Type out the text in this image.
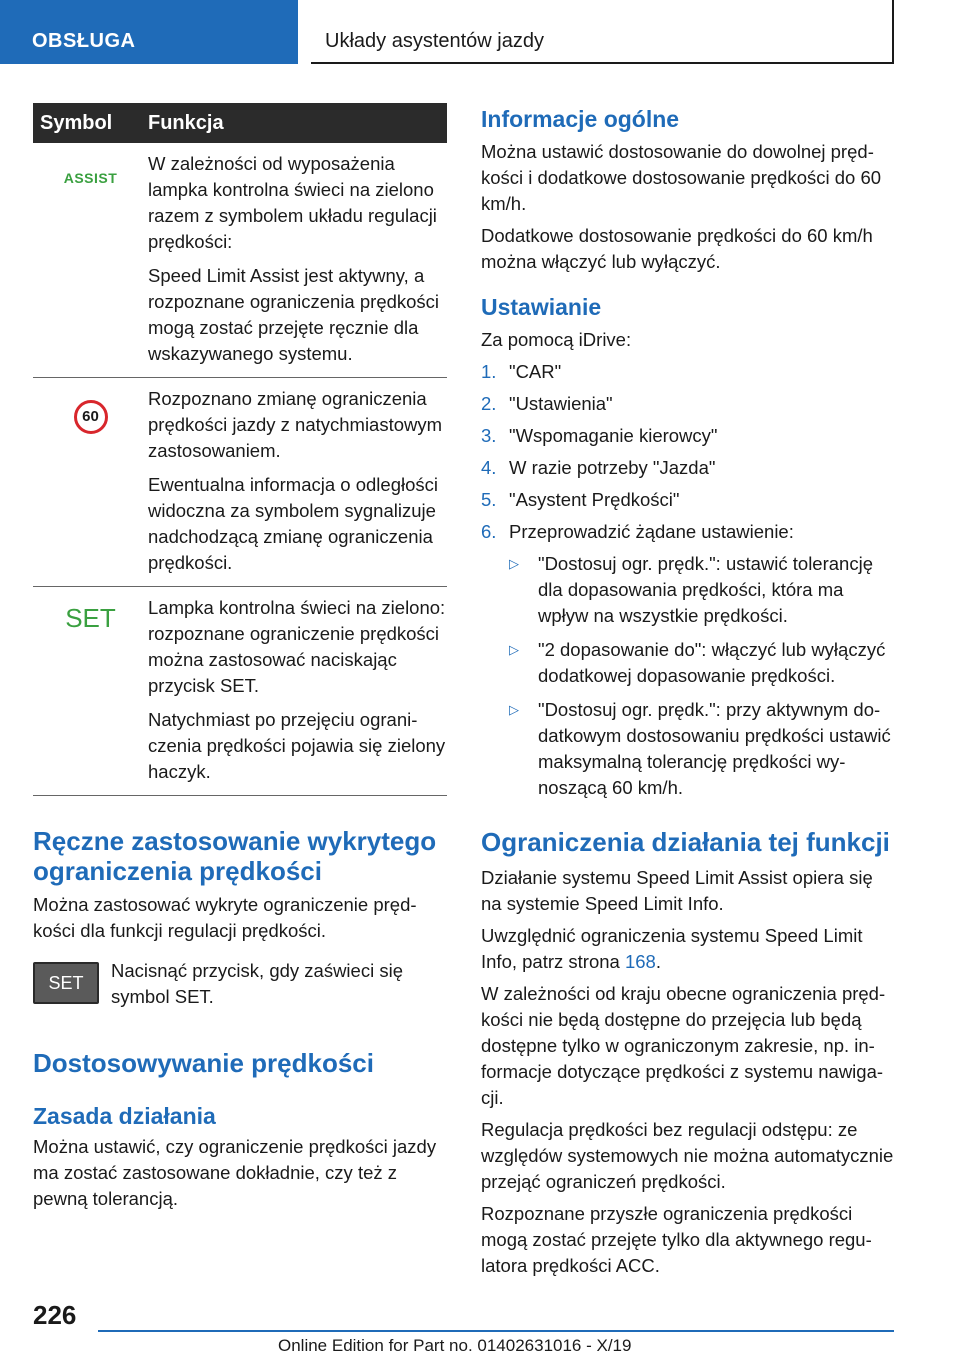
OBSŁUGA	Układy asystentów jazdy
Symbol	Funkcja
ASSIST	W zależności od wyposażenia lampka kontrolna świeci na zielono razem z symbolem układu regulacji prędkości:

Speed Limit Assist jest aktywny, a rozpoznane ograniczenia prędkości mogą zostać przejęte ręcznie dla wskazywanego systemu.

60	Rozpoznano zmianę ograniczenia prędkości jazdy z natychmiastowym zastosowaniem.

Ewentualna informacja o odległości widoczna za symbolem sygnalizuje nadchodzącą zmianę ograniczenia prędkości.

SET	Lampka kontrolna świeci na zielono: rozpoznane ograniczenie prędkości można zastosować naciskając przycisk SET.

Natychmiast po przejęciu ograniczenia prędkości pojawia się zielony haczyk.

Ręczne zastosowanie wykrytego ograniczenia prędkości

Można zastosować wykryte ograniczenie prędkości dla funkcji regulacji prędkości.

SET

Nacisnąć przycisk, gdy zaświeci się symbol SET.

Dostosowywanie prędkości
Zasada działania

Można ustawić, czy ograniczenie prędkości jazdy ma zostać zastosowane dokładnie, czy też z pewną tolerancją.

Informacje ogólne

Można ustawić dostosowanie do dowolnej prędkości i dodatkowe dostosowanie prędkości do 60 km/h.

Dodatkowe dostosowanie prędkości do 60 km/h można włączyć lub wyłączyć.

Ustawianie

Za pomocą iDrive:

1. "CAR"
2. "Ustawienia"
3. "Wspomaganie kierowcy"
4. W razie potrzeby "Jazda"
5. "Asystent Prędkości"
6. Przeprowadzić żądane ustawienie:
▷	"Dostosuj ogr. prędk.": ustawić tolerancję dla dopasowania prędkości, która ma wpływ na wszystkie prędkości.
▷	"2 dopasowanie do": włączyć lub wyłączyć dodatkowej dopasowanie prędkości.
▷	"Dostosuj ogr. prędk.": przy aktywnym dodatkowym dostosowaniu prędkości ustawić maksymalną tolerancję prędkości wynoszącą 60 km/h.
Ograniczenia działania tej funkcji

Działanie systemu Speed Limit Assist opiera się na systemie Speed Limit Info.

Uwzględnić ograniczenia systemu Speed Limit Info, patrz strona 168.

W zależności od kraju obecne ograniczenia prędkości nie będą dostępne do przejęcia lub będą dostępne tylko w ograniczonym zakresie, np. informacje dotyczące prędkości z systemu nawigacji.

Regulacja prędkości bez regulacji odstępu: ze względów systemowych nie można automatycznie przejąć ograniczeń prędkości.

Rozpoznane przyszłe ograniczenia prędkości mogą zostać przejęte tylko dla aktywnego regulatora prędkości ACC.

226
Online Edition for Part no. 01402631016 - X/19
